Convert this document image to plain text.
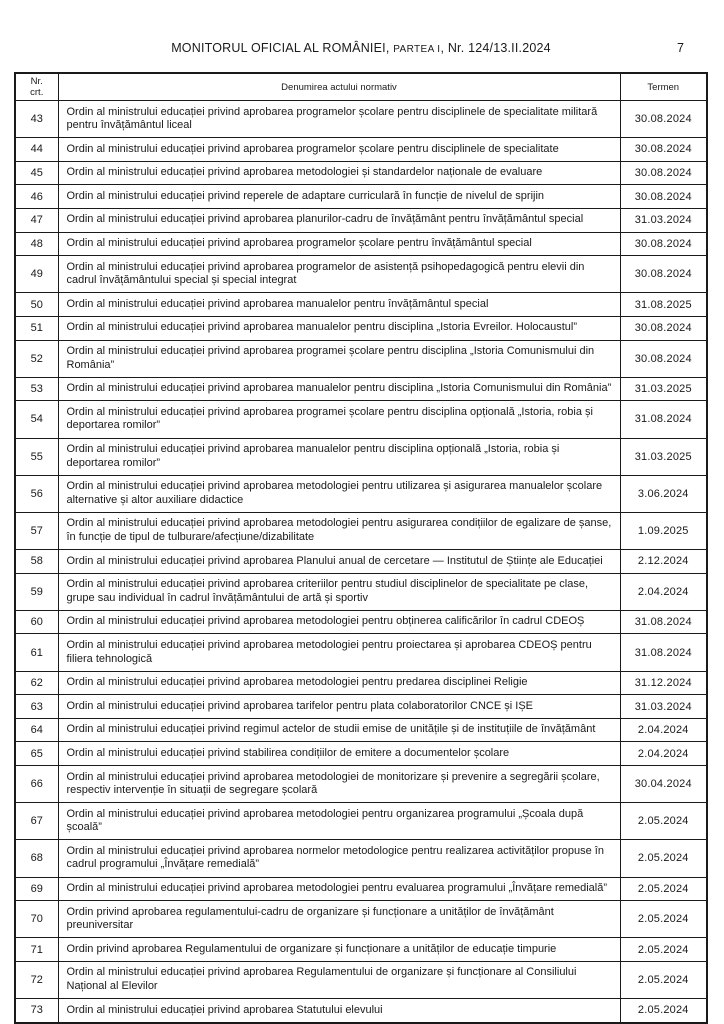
MONITORUL OFICIAL AL ROMÂNIEI, PARTEA I, Nr. 124/13.II.2024	7
Nr.
crt.	Denumirea actului normativ	Termen
43	Ordin al ministrului educației privind aprobarea programelor școlare pentru disciplinele de specialitate militară pentru învățământul liceal	30.08.2024
44	Ordin al ministrului educației privind aprobarea programelor școlare pentru disciplinele de specialitate	30.08.2024
45	Ordin al ministrului educației privind aprobarea metodologiei și standardelor naționale de evaluare	30.08.2024
46	Ordin al ministrului educației privind reperele de adaptare curriculară în funcție de nivelul de sprijin	30.08.2024
47	Ordin al ministrului educației privind aprobarea planurilor-cadru de învățământ pentru învățământul special	31.03.2024
48	Ordin al ministrului educației privind aprobarea programelor școlare pentru învățământul special	30.08.2024
49	Ordin al ministrului educației privind aprobarea programelor de asistență psihopedagogică pentru elevii din cadrul învățământului special și special integrat	30.08.2024
50	Ordin al ministrului educației privind aprobarea manualelor pentru învățământul special	31.08.2025
51	Ordin al ministrului educației privind aprobarea manualelor pentru disciplina „Istoria Evreilor. Holocaustul”	30.08.2024
52	Ordin al ministrului educației privind aprobarea programei școlare pentru disciplina „Istoria Comunismului din România”	30.08.2024
53	Ordin al ministrului educației privind aprobarea manualelor pentru disciplina „Istoria Comunismului din România”	31.03.2025
54	Ordin al ministrului educației privind aprobarea programei școlare pentru disciplina opțională „Istoria, robia și deportarea romilor”	31.08.2024
55	Ordin al ministrului educației privind aprobarea manualelor pentru disciplina opțională „Istoria, robia și deportarea romilor”	31.03.2025
56	Ordin al ministrului educației privind aprobarea metodologiei pentru utilizarea și asigurarea manualelor școlare alternative și altor auxiliare didactice	3.06.2024
57	Ordin al ministrului educației privind aprobarea metodologiei pentru asigurarea condițiilor de egalizare de șanse, în funcție de tipul de tulburare/afecțiune/dizabilitate	1.09.2025
58	Ordin al ministrului educației privind aprobarea Planului anual de cercetare — Institutul de Științe ale Educației	2.12.2024
59	Ordin al ministrului educației privind aprobarea criteriilor pentru studiul disciplinelor de specialitate pe clase, grupe sau individual în cadrul învățământului de artă și sportiv	2.04.2024
60	Ordin al ministrului educației privind aprobarea metodologiei pentru obținerea calificărilor în cadrul CDEOȘ	31.08.2024
61	Ordin al ministrului educației privind aprobarea metodologiei pentru proiectarea și aprobarea CDEOȘ pentru filiera tehnologică	31.08.2024
62	Ordin al ministrului educației privind aprobarea metodologiei pentru predarea disciplinei Religie	31.12.2024
63	Ordin al ministrului educației privind aprobarea tarifelor pentru plata colaboratorilor CNCE și IȘE	31.03.2024
64	Ordin al ministrului educației privind regimul actelor de studii emise de unitățile și de instituțiile de învățământ	2.04.2024
65	Ordin al ministrului educației privind stabilirea condițiilor de emitere a documentelor școlare	2.04.2024
66	Ordin al ministrului educației privind aprobarea metodologiei de monitorizare și prevenire a segregării școlare, respectiv intervenție în situații de segregare școlară	30.04.2024
67	Ordin al ministrului educației privind aprobarea metodologiei pentru organizarea programului „Școala după școală”	2.05.2024
68	Ordin al ministrului educației privind aprobarea normelor metodologice pentru realizarea activităților propuse în cadrul programului „Învățare remedială”	2.05.2024
69	Ordin al ministrului educației privind aprobarea metodologiei pentru evaluarea programului „Învățare remedială”	2.05.2024
70	Ordin privind aprobarea regulamentului-cadru de organizare și funcționare a unităților de învățământ preuniversitar	2.05.2024
71	Ordin privind aprobarea Regulamentului de organizare și funcționare a unităților de educație timpurie	2.05.2024
72	Ordin al ministrului educației privind aprobarea Regulamentului de organizare și funcționare al Consiliului Național al Elevilor	2.05.2024
73	Ordin al ministrului educației privind aprobarea Statutului elevului	2.05.2024
